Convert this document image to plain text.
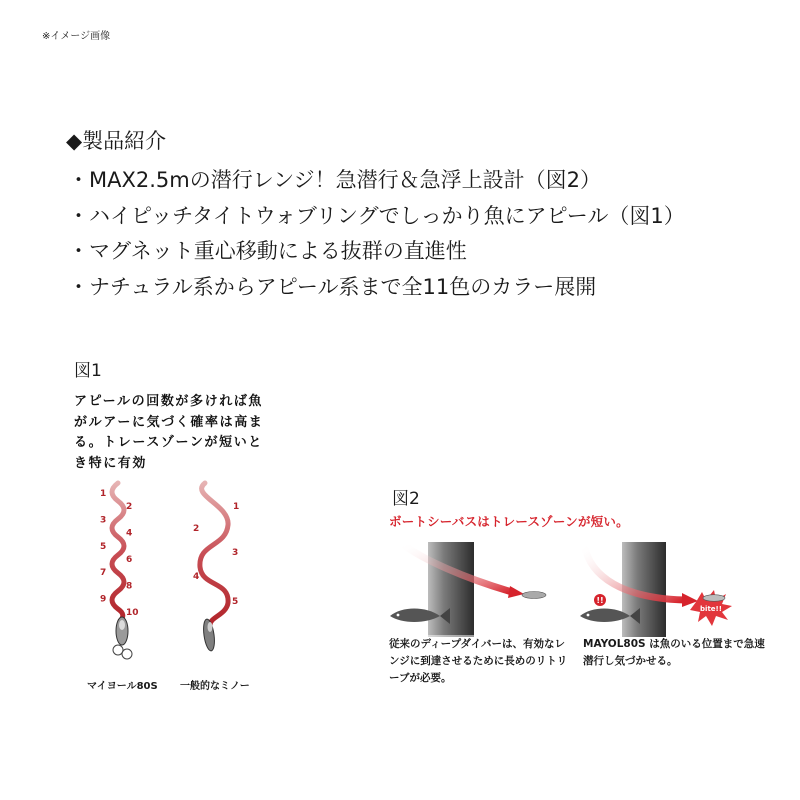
※イメージ画像
◆製品紹介
・MAX2.5mの潜行レンジ！急潜行＆急浮上設計（図2）
・ハイピッチタイトウォブリングでしっかり魚にアピール（図1）
・マグネット重心移動による抜群の直進性
・ナチュラル系からアピール系まで全11色のカラー展開
図1
アピールの回数が多ければ魚がルアーに気づく確率は高まる。トレースゾーンが短いとき特に有効
1
2
3
4
5
6
7
8
9
10
1
2
3
4
5
マイヨール80S 一般的なミノー
図2
ボートシーバスはトレースゾーンが短い。
bite!!
!!
従来のディープダイバーは、有効なレンジに到達させるために長めのリトリーブが必要。
MAYOL80S は魚のいる位置まで急速潜行し気づかせる。
